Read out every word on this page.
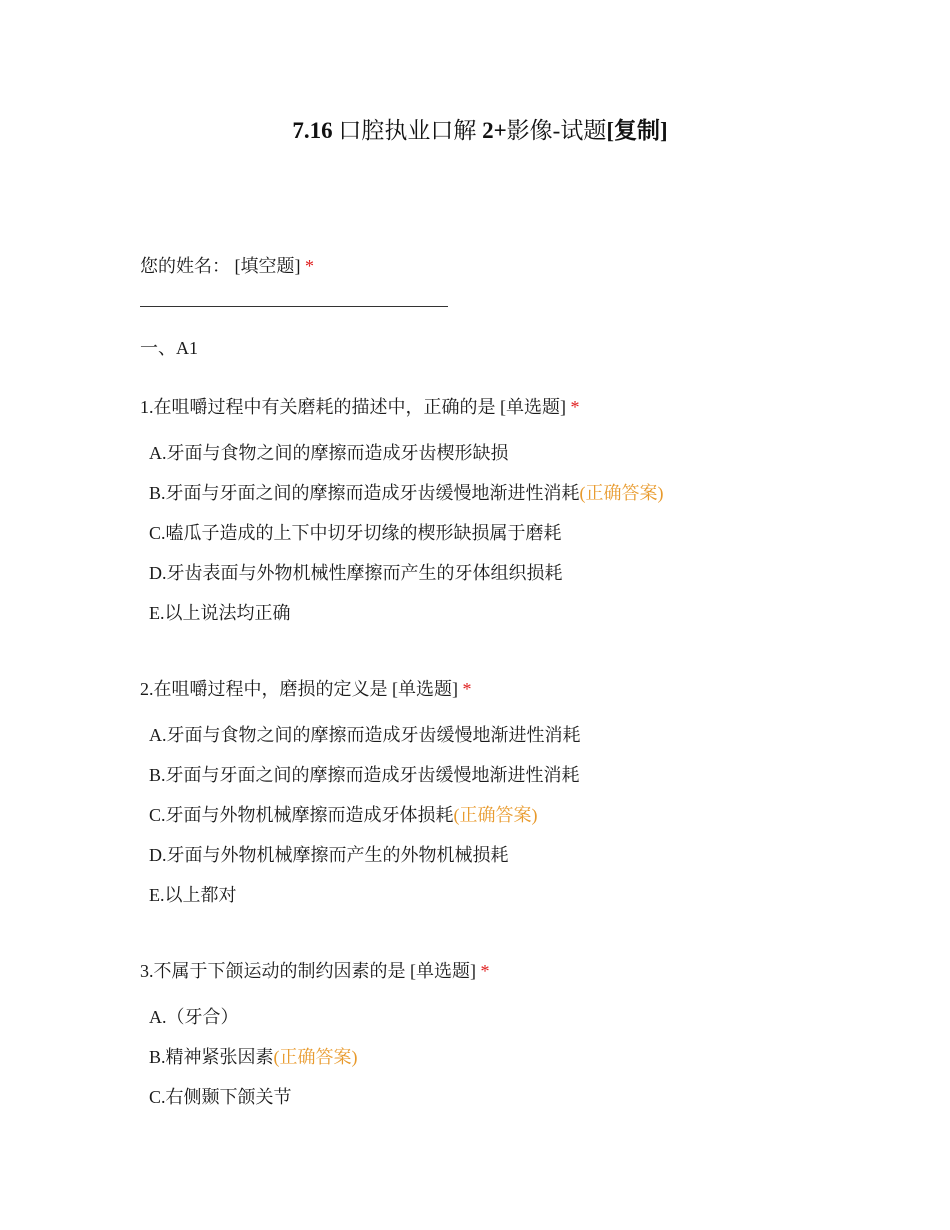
7.16 口腔执业口解 2+影像-试题[复制]
您的姓名： [填空题] *
一、A1
1.在咀嚼过程中有关磨耗的描述中，正确的是 [单选题] *
A.牙面与食物之间的摩擦而造成牙齿楔形缺损
B.牙面与牙面之间的摩擦而造成牙齿缓慢地渐进性消耗(正确答案)
C.嗑瓜子造成的上下中切牙切缘的楔形缺损属于磨耗
D.牙齿表面与外物机械性摩擦而产生的牙体组织损耗
E.以上说法均正确
2.在咀嚼过程中，磨损的定义是 [单选题] *
A.牙面与食物之间的摩擦而造成牙齿缓慢地渐进性消耗
B.牙面与牙面之间的摩擦而造成牙齿缓慢地渐进性消耗
C.牙面与外物机械摩擦而造成牙体损耗(正确答案)
D.牙面与外物机械摩擦而产生的外物机械损耗
E.以上都对
3.不属于下颌运动的制约因素的是 [单选题] *
A.（牙合）
B.精神紧张因素(正确答案)
C.右侧颞下颌关节
